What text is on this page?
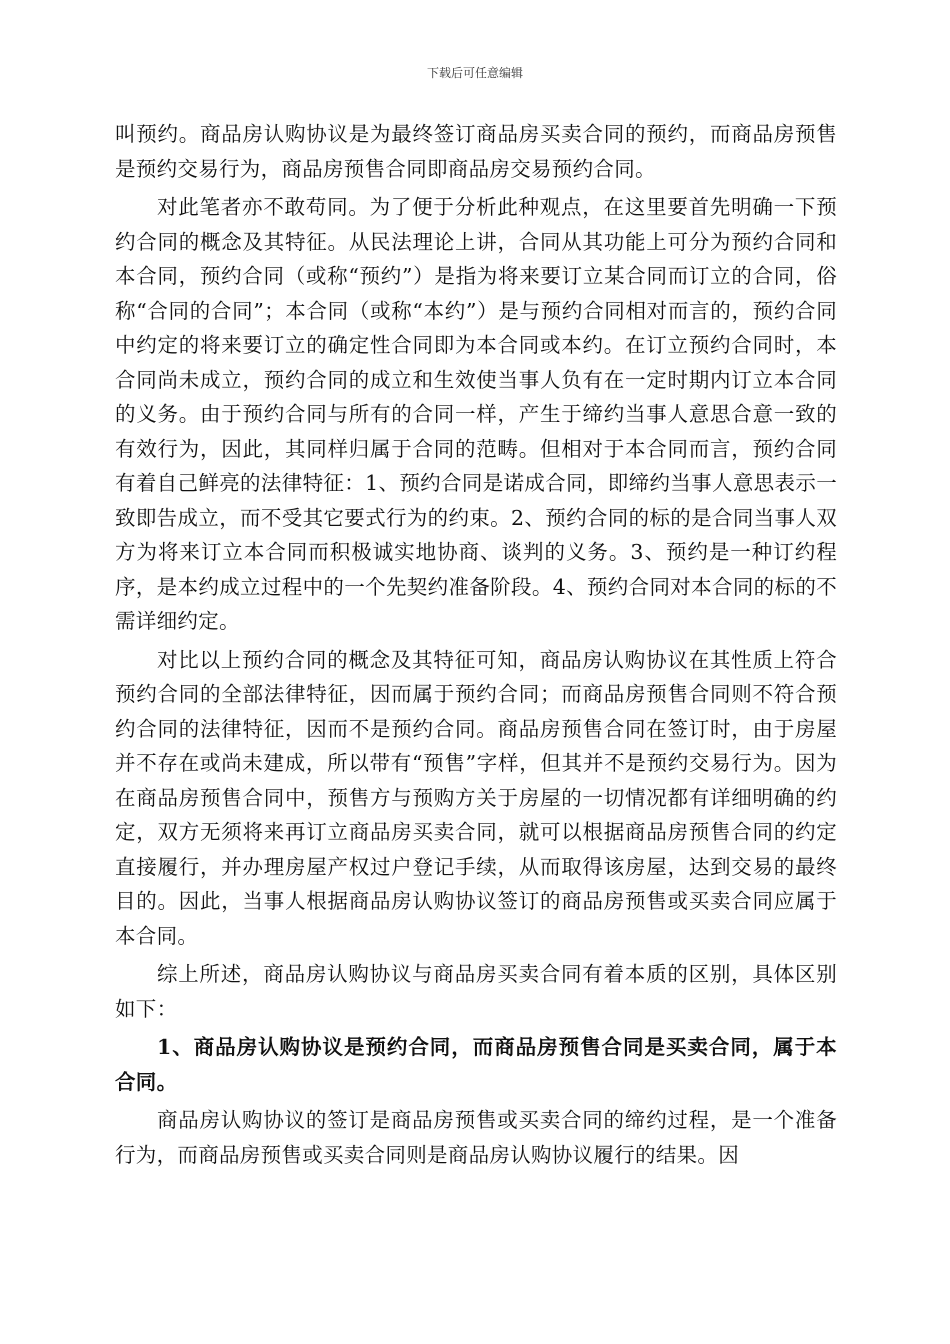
下载后可任意编辑

叫预约。商品房认购协议是为最终签订商品房买卖合同的预约，而商品房预售是预约交易行为，商品房预售合同即商品房交易预约合同。

对此笔者亦不敢苟同。为了便于分析此种观点，在这里要首先明确一下预约合同的概念及其特征。从民法理论上讲，合同从其功能上可分为预约合同和本合同，预约合同（或称“预约”）是指为将来要订立某合同而订立的合同，俗称“合同的合同”；本合同（或称“本约”）是与预约合同相对而言的，预约合同中约定的将来要订立的确定性合同即为本合同或本约。在订立预约合同时，本合同尚未成立，预约合同的成立和生效使当事人负有在一定时期内订立本合同的义务。由于预约合同与所有的合同一样，产生于缔约当事人意思合意一致的有效行为，因此，其同样归属于合同的范畴。但相对于本合同而言，预约合同有着自己鲜亮的法律特征：1、预约合同是诺成合同，即缔约当事人意思表示一致即告成立，而不受其它要式行为的约束。2、预约合同的标的是合同当事人双方为将来订立本合同而积极诚实地协商、谈判的义务。3、预约是一种订约程序，是本约成立过程中的一个先契约准备阶段。4、预约合同对本合同的标的不需详细约定。

对比以上预约合同的概念及其特征可知，商品房认购协议在其性质上符合预约合同的全部法律特征，因而属于预约合同；而商品房预售合同则不符合预约合同的法律特征，因而不是预约合同。商品房预售合同在签订时，由于房屋并不存在或尚未建成，所以带有“预售”字样，但其并不是预约交易行为。因为在商品房预售合同中，预售方与预购方关于房屋的一切情况都有详细明确的约定，双方无须将来再订立商品房买卖合同，就可以根据商品房预售合同的约定直接履行，并办理房屋产权过户登记手续，从而取得该房屋，达到交易的最终目的。因此，当事人根据商品房认购协议签订的商品房预售或买卖合同应属于本合同。

综上所述，商品房认购协议与商品房买卖合同有着本质的区别，具体区别如下：

1、商品房认购协议是预约合同，而商品房预售合同是买卖合同，属于本合同。

商品房认购协议的签订是商品房预售或买卖合同的缔约过程，是一个准备行为，而商品房预售或买卖合同则是商品房认购协议履行的结果。因
